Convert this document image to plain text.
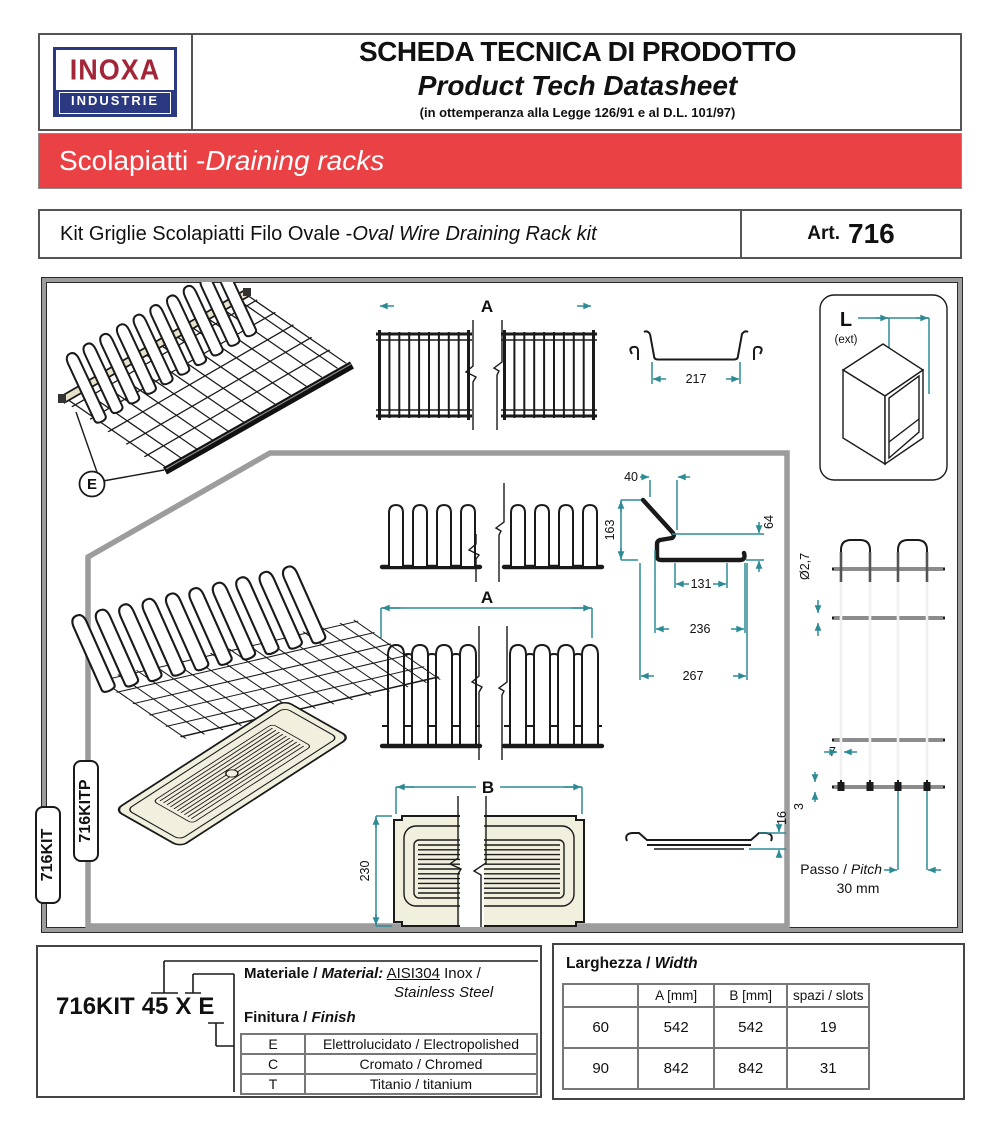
SCHEDA TECNICA DI PRODOTTO
Product Tech Datasheet
(in ottemperanza alla Legge 126/91 e al D.L. 101/97)
INOXA
INDUSTRIE
Scolapiatti - Draining racks
Kit Griglie Scolapiatti Filo Ovale - Oval Wire Draining Rack kit	Art. 716
E
A
217
L
(ext)
163
40
64
131
236
267
A
B
230
16
Ø2,7
7
3
Passo / Pitch
30 mm
716KIT
716KITP
716KIT 45 X E
Materiale / Material: AISI304 Inox /
Stainless Steel
Finitura / Finish
E	Elettrolucidato / Electropolished
C	Cromato / Chromed
T	Titanio / titanium
Larghezza / Width
	A [mm]	B [mm]	spazi / slots
60	542	542	19
90	842	842	31
